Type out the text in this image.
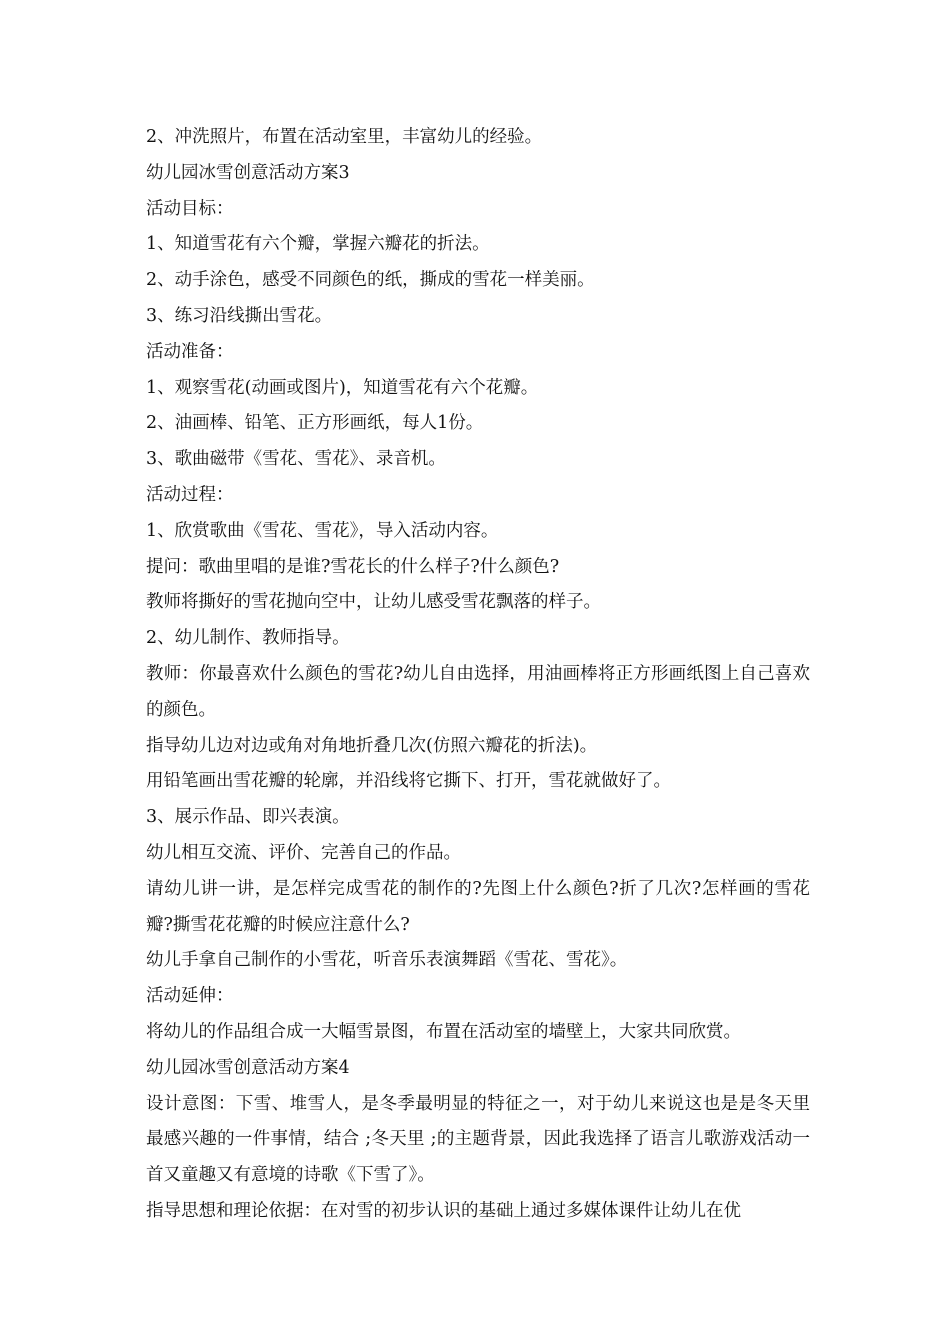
2、冲洗照片，布置在活动室里，丰富幼儿的经验。

幼儿园冰雪创意活动方案3

活动目标：

1、知道雪花有六个瓣，掌握六瓣花的折法。

2、动手涂色，感受不同颜色的纸，撕成的雪花一样美丽。

3、练习沿线撕出雪花。

活动准备：

1、观察雪花(动画或图片)，知道雪花有六个花瓣。

2、油画棒、铅笔、正方形画纸，每人1份。

3、歌曲磁带《雪花、雪花》、录音机。

活动过程：

1、欣赏歌曲《雪花、雪花》，导入活动内容。

提问：歌曲里唱的是谁?雪花长的什么样子?什么颜色?

教师将撕好的雪花抛向空中，让幼儿感受雪花飘落的样子。

2、幼儿制作、教师指导。

教师：你最喜欢什么颜色的雪花?幼儿自由选择，用油画棒将正方形画纸图上自己喜欢的颜色。

指导幼儿边对边或角对角地折叠几次(仿照六瓣花的折法)。

用铅笔画出雪花瓣的轮廓，并沿线将它撕下、打开，雪花就做好了。

3、展示作品、即兴表演。

幼儿相互交流、评价、完善自己的作品。

请幼儿讲一讲，是怎样完成雪花的制作的?先图上什么颜色?折了几次?怎样画的雪花瓣?撕雪花花瓣的时候应注意什么?

幼儿手拿自己制作的小雪花，听音乐表演舞蹈《雪花、雪花》。

活动延伸：

将幼儿的作品组合成一大幅雪景图，布置在活动室的墙壁上，大家共同欣赏。

幼儿园冰雪创意活动方案4

设计意图：下雪、堆雪人，是冬季最明显的特征之一，对于幼儿来说这也是是冬天里最感兴趣的一件事情，结合 ;冬天里 ;的主题背景，因此我选择了语言儿歌游戏活动一首又童趣又有意境的诗歌《下雪了》。

指导思想和理论依据：在对雪的初步认识的基础上通过多媒体课件让幼儿在优
